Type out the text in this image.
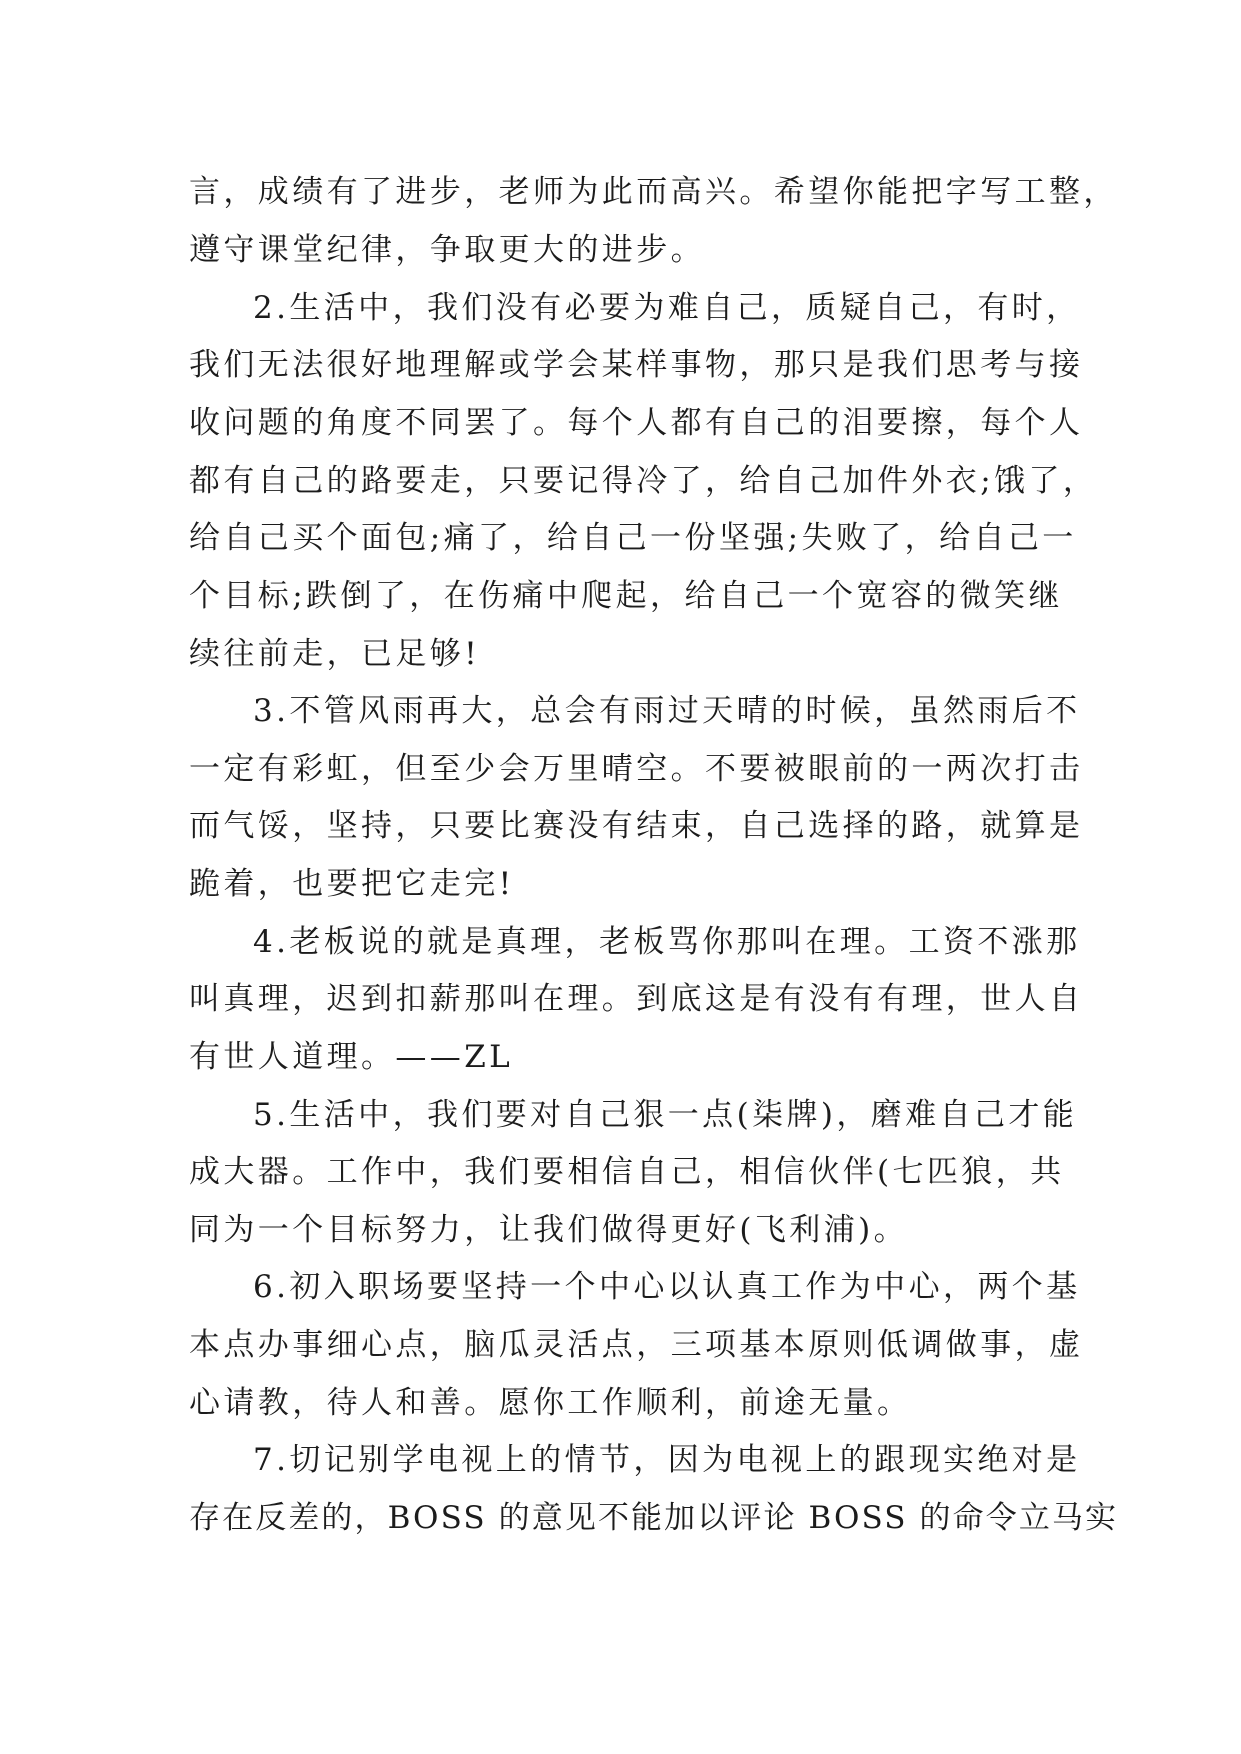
言，成绩有了进步，老师为此而高兴。希望你能把字写工整，

遵守课堂纪律，争取更大的进步。

2.生活中，我们没有必要为难自己，质疑自己，有时，

我们无法很好地理解或学会某样事物，那只是我们思考与接

收问题的角度不同罢了。每个人都有自己的泪要擦，每个人

都有自己的路要走，只要记得冷了，给自己加件外衣;饿了，

给自己买个面包;痛了，给自己一份坚强;失败了，给自己一

个目标;跌倒了，在伤痛中爬起，给自己一个宽容的微笑继

续往前走，已足够!

3.不管风雨再大，总会有雨过天晴的时候，虽然雨后不

一定有彩虹，但至少会万里晴空。不要被眼前的一两次打击

而气馁，坚持，只要比赛没有结束，自己选择的路，就算是

跪着，也要把它走完!

4.老板说的就是真理，老板骂你那叫在理。工资不涨那

叫真理，迟到扣薪那叫在理。到底这是有没有有理，世人自

有世人道理。——ZL

5.生活中，我们要对自己狠一点(柒牌)，磨难自己才能

成大器。工作中，我们要相信自己，相信伙伴(七匹狼，共

同为一个目标努力，让我们做得更好(飞利浦)。

6.初入职场要坚持一个中心以认真工作为中心，两个基

本点办事细心点，脑瓜灵活点，三项基本原则低调做事，虚

心请教，待人和善。愿你工作顺利，前途无量。

7.切记别学电视上的情节，因为电视上的跟现实绝对是

存在反差的，BOSS 的意见不能加以评论 BOSS 的命令立马实
